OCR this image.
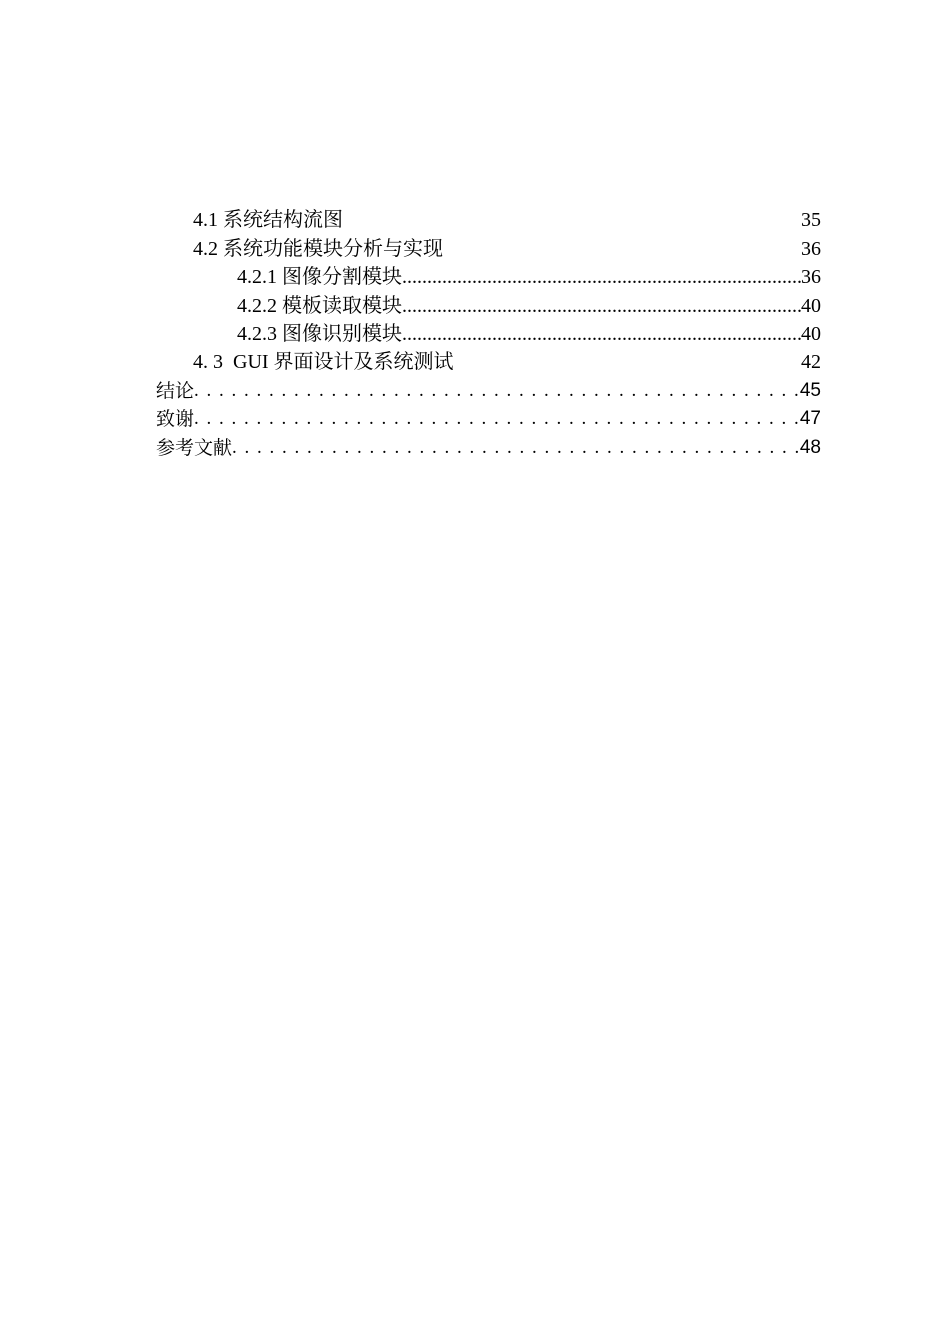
4.1 系统结构流图	35
4.2 系统功能模块分析与实现	36
4.2.1 图像分割模块 .....	36
4.2.2 模板读取模块 .....	40
4.2.3 图像识别模块 .....	40
4. 3  GUI 界面设计及系统测试	42
结论 . . .	45
致谢 . . .	47
参考文献 . . .	48
